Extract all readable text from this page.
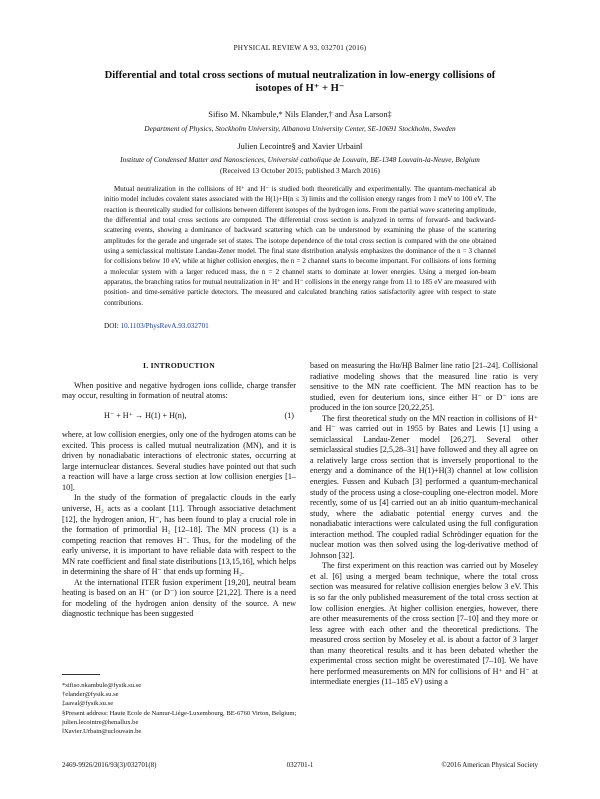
PHYSICAL REVIEW A 93, 032701 (2016)
Differential and total cross sections of mutual neutralization in low-energy collisions of isotopes of H⁺ + H⁻
Sifiso M. Nkambule,* Nils Elander,† and Åsa Larson‡
Department of Physics, Stockholm University, Albanova University Center, SE-10691 Stockholm, Sweden
Julien Lecointre§ and Xavier Urbain‖
Institute of Condensed Matter and Nanosciences, Université catholique de Louvain, BE-1348 Louvain-la-Neuve, Belgium
(Received 13 October 2015; published 3 March 2016)

Mutual neutralization in the collisions of H⁺ and H⁻ is studied both theoretically and experimentally. The quantum-mechanical ab initio model includes covalent states associated with the H(1)+H(n ≤ 3) limits and the collision energy ranges from 1 meV to 100 eV. The reaction is theoretically studied for collisions between different isotopes of the hydrogen ions. From the partial wave scattering amplitude, the differential and total cross sections are computed. The differential cross section is analyzed in terms of forward- and backward-scattering events, showing a dominance of backward scattering which can be understood by examining the phase of the scattering amplitudes for the gerade and ungerade set of states. The isotope dependence of the total cross section is compared with the one obtained using a semiclassical multistate Landau-Zener model. The final state distribution analysis emphasizes the dominance of the n = 3 channel for collisions below 10 eV, while at higher collision energies, the n = 2 channel starts to become important. For collisions of ions forming a molecular system with a larger reduced mass, the n = 2 channel starts to dominate at lower energies. Using a merged ion-beam apparatus, the branching ratios for mutual neutralization in H⁺ and H⁻ collisions in the energy range from 11 to 185 eV are measured with position- and time-sensitive particle detectors. The measured and calculated branching ratios satisfactorily agree with respect to state contributions.

DOI: 10.1103/PhysRevA.93.032701
I. INTRODUCTION

When positive and negative hydrogen ions collide, charge transfer may occur, resulting in formation of neutral atoms:

H⁻ + H⁺ → H(1) + H(n),	(1)

where, at low collision energies, only one of the hydrogen atoms can be excited. This process is called mutual neutralization (MN), and it is driven by nonadiabatic interactions of electronic states, occurring at large internuclear distances. Several studies have pointed out that such a reaction will have a large cross section at low collision energies [1–10].

In the study of the formation of pregalactic clouds in the early universe, H₂ acts as a coolant [11]. Through associative detachment [12], the hydrogen anion, H⁻, has been found to play a crucial role in the formation of primordial H₂ [12–18]. The MN process (1) is a competing reaction that removes H⁻. Thus, for the modeling of the early universe, it is important to have reliable data with respect to the MN rate coefficient and final state distributions [13,15,16], which helps in determining the share of H⁻ that ends up forming H₂.

At the international ITER fusion experiment [19,20], neutral beam heating is based on an H⁻ (or D⁻) ion source [21,22]. There is a need for modeling of the hydrogen anion density of the source. A new diagnostic technique has been suggested

based on measuring the Hα/Hβ Balmer line ratio [21–24]. Collisional radiative modeling shows that the measured line ratio is very sensitive to the MN rate coefficient. The MN reaction has to be studied, even for deuterium ions, since either H⁻ or D⁻ ions are produced in the ion source [20,22,25].

The first theoretical study on the MN reaction in collisions of H⁺ and H⁻ was carried out in 1955 by Bates and Lewis [1] using a semiclassical Landau-Zener model [26,27]. Several other semiclassical studies [2,5,28–31] have followed and they all agree on a relatively large cross section that is inversely proportional to the energy and a dominance of the H(1)+H(3) channel at low collision energies. Fussen and Kubach [3] performed a quantum-mechanical study of the process using a close-coupling one-electron model. More recently, some of us [4] carried out an ab initio quantum-mechanical study, where the adiabatic potential energy curves and the nonadiabatic interactions were calculated using the full configuration interaction method. The coupled radial Schrödinger equation for the nuclear motion was then solved using the log-derivative method of Johnson [32].

The first experiment on this reaction was carried out by Moseley et al. [6] using a merged beam technique, where the total cross section was measured for relative collision energies below 3 eV. This is so far the only published measurement of the total cross section at low collision energies. At higher collision energies, however, there are other measurements of the cross section [7–10] and they more or less agree with each other and the theoretical predictions. The measured cross section by Moseley et al. is about a factor of 3 larger than many theoretical results and it has been debated whether the experimental cross section might be overestimated [7–10]. We have here performed measurements on MN for collisions of H⁺ and H⁻ at intermediate energies (11–185 eV) using a

*sifiso.nkambule@fysik.su.se
†elander@fysik.su.se
‡aaval@fysik.su.se
§Present address: Haute Ecole de Namur-Liège-Luxembourg, BE-6760 Virton, Belgium; julien.lecointre@henallux.be
‖Xavier.Urbain@uclouvain.be
2469-9926/2016/93(3)/032701(8)	032701-1	©2016 American Physical Society
